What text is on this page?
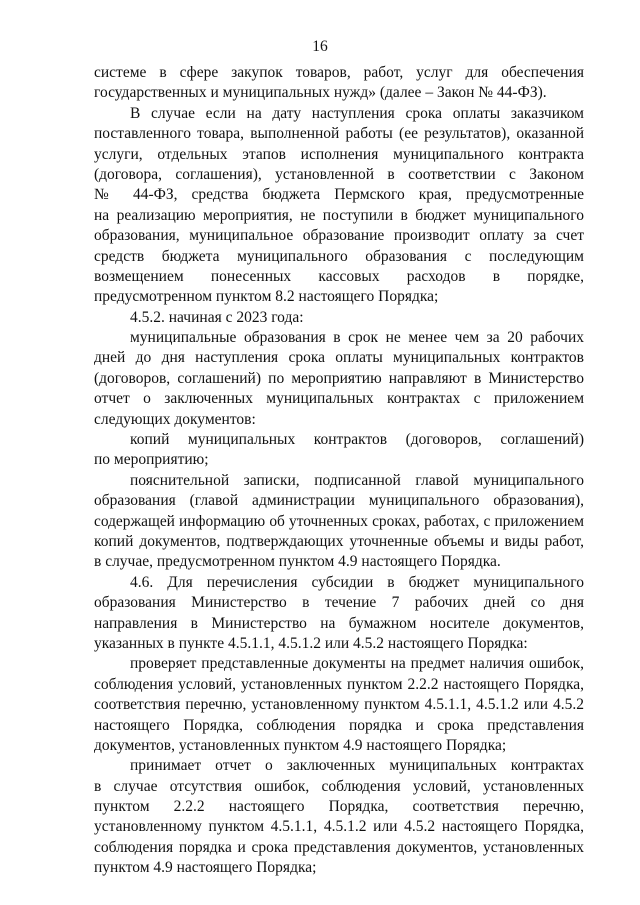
16
системе в сфере закупок товаров, работ, услуг для обеспечения
государственных и муниципальных нужд» (далее – Закон № 44-ФЗ).
В случае если на дату наступления срока оплаты заказчиком
поставленного товара, выполненной работы (ее результатов), оказанной
услуги, отдельных этапов исполнения муниципального контракта
(договора, соглашения), установленной в соответствии с Законом
№ 44-ФЗ, средства бюджета Пермского края, предусмотренные
на реализацию мероприятия, не поступили в бюджет муниципального
образования, муниципальное образование производит оплату за счет
средств бюджета муниципального образования с последующим
возмещением понесенных кассовых расходов в порядке,
предусмотренном пунктом 8.2 настоящего Порядка;
4.5.2. начиная с 2023 года:
муниципальные образования в срок не менее чем за 20 рабочих
дней до дня наступления срока оплаты муниципальных контрактов
(договоров, соглашений) по мероприятию направляют в Министерство
отчет о заключенных муниципальных контрактах с приложением
следующих документов:
копий муниципальных контрактов (договоров, соглашений)
по мероприятию;
пояснительной записки, подписанной главой муниципального
образования (главой администрации муниципального образования),
содержащей информацию об уточненных сроках, работах, с приложением
копий документов, подтверждающих уточненные объемы и виды работ,
в случае, предусмотренном пунктом 4.9 настоящего Порядка.
4.6. Для перечисления субсидии в бюджет муниципального
образования Министерство в течение 7 рабочих дней со дня
направления в Министерство на бумажном носителе документов,
указанных в пункте 4.5.1.1, 4.5.1.2 или 4.5.2 настоящего Порядка:
проверяет представленные документы на предмет наличия ошибок,
соблюдения условий, установленных пунктом 2.2.2 настоящего Порядка,
соответствия перечню, установленному пунктом 4.5.1.1, 4.5.1.2 или 4.5.2
настоящего Порядка, соблюдения порядка и срока представления
документов, установленных пунктом 4.9 настоящего Порядка;
принимает отчет о заключенных муниципальных контрактах
в случае отсутствия ошибок, соблюдения условий, установленных
пунктом 2.2.2 настоящего Порядка, соответствия перечню,
установленному пунктом 4.5.1.1, 4.5.1.2 или 4.5.2 настоящего Порядка,
соблюдения порядка и срока представления документов, установленных
пунктом 4.9 настоящего Порядка;
